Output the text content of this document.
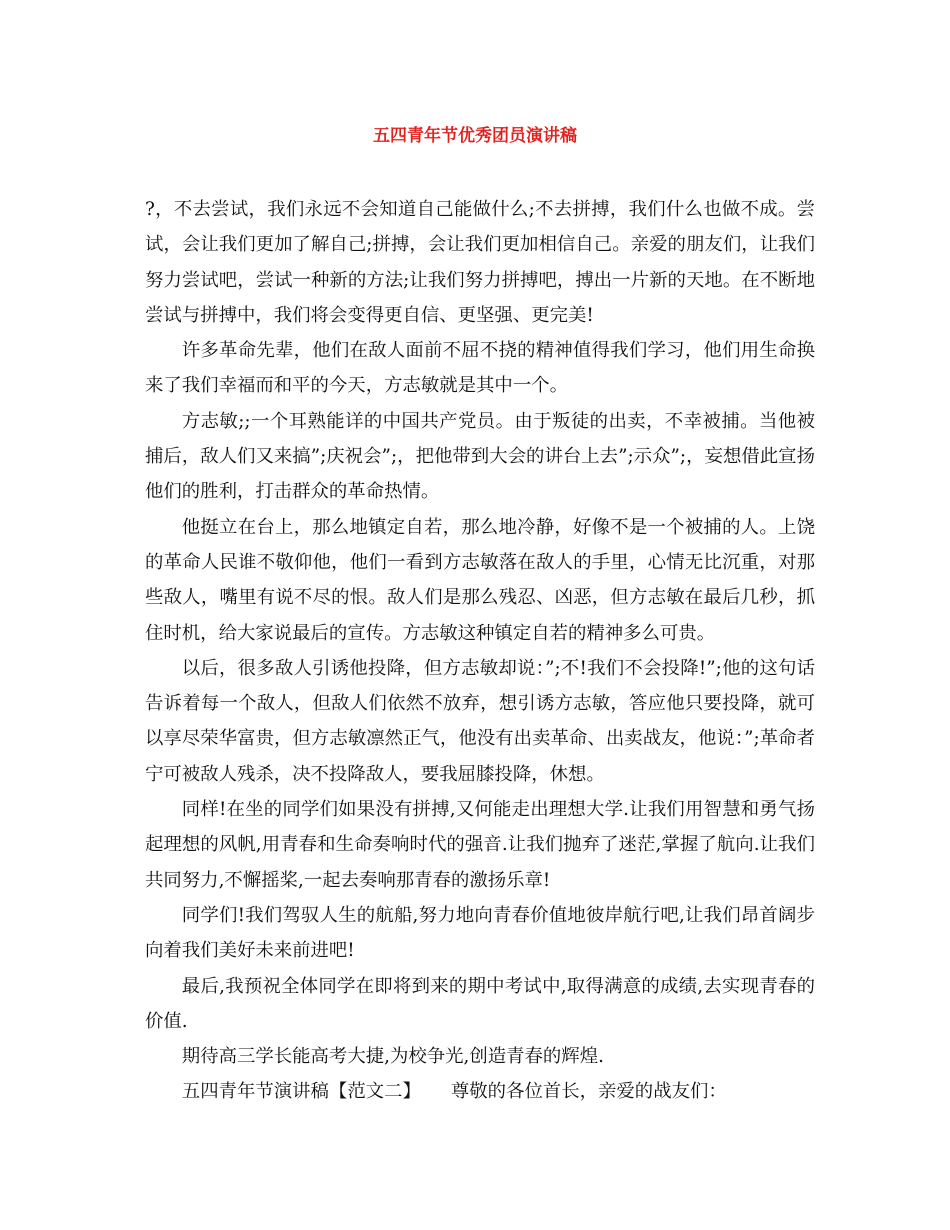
五四青年节优秀团员演讲稿

?，不去尝试，我们永远不会知道自己能做什么;不去拼搏，我们什么也做不成。尝试，会让我们更加了解自己;拼搏，会让我们更加相信自己。亲爱的朋友们，让我们努力尝试吧，尝试一种新的方法;让我们努力拼搏吧，搏出一片新的天地。在不断地尝试与拼搏中，我们将会变得更自信、更坚强、更完美!

许多革命先辈，他们在敌人面前不屈不挠的精神值得我们学习，他们用生命换来了我们幸福而和平的今天，方志敏就是其中一个。

方志敏;;一个耳熟能详的中国共产党员。由于叛徒的出卖，不幸被捕。当他被捕后，敌人们又来搞”;庆祝会”;，把他带到大会的讲台上去”;示众”;，妄想借此宣扬他们的胜利，打击群众的革命热情。

他挺立在台上，那么地镇定自若，那么地冷静，好像不是一个被捕的人。上饶的革命人民谁不敬仰他，他们一看到方志敏落在敌人的手里，心情无比沉重，对那些敌人，嘴里有说不尽的恨。敌人们是那么残忍、凶恶，但方志敏在最后几秒，抓住时机，给大家说最后的宣传。方志敏这种镇定自若的精神多么可贵。

以后，很多敌人引诱他投降，但方志敏却说：”;不!我们不会投降!”;他的这句话告诉着每一个敌人，但敌人们依然不放弃，想引诱方志敏，答应他只要投降，就可以享尽荣华富贵，但方志敏凛然正气，他没有出卖革命、出卖战友，他说：”;革命者宁可被敌人残杀，决不投降敌人，要我屈膝投降，休想。

同样!在坐的同学们如果没有拼搏,又何能走出理想大学.让我们用智慧和勇气扬起理想的风帆,用青春和生命奏响时代的强音.让我们抛弃了迷茫,掌握了航向.让我们共同努力,不懈摇桨,一起去奏响那青春的激扬乐章!

同学们!我们驾驭人生的航船,努力地向青春价值地彼岸航行吧,让我们昂首阔步向着我们美好未来前进吧!

最后,我预祝全体同学在即将到来的期中考试中,取得满意的成绩,去实现青春的价值.

期待高三学长能高考大捷,为校争光,创造青春的辉煌.

五四青年节演讲稿【范文二】 尊敬的各位首长，亲爱的战友们：
